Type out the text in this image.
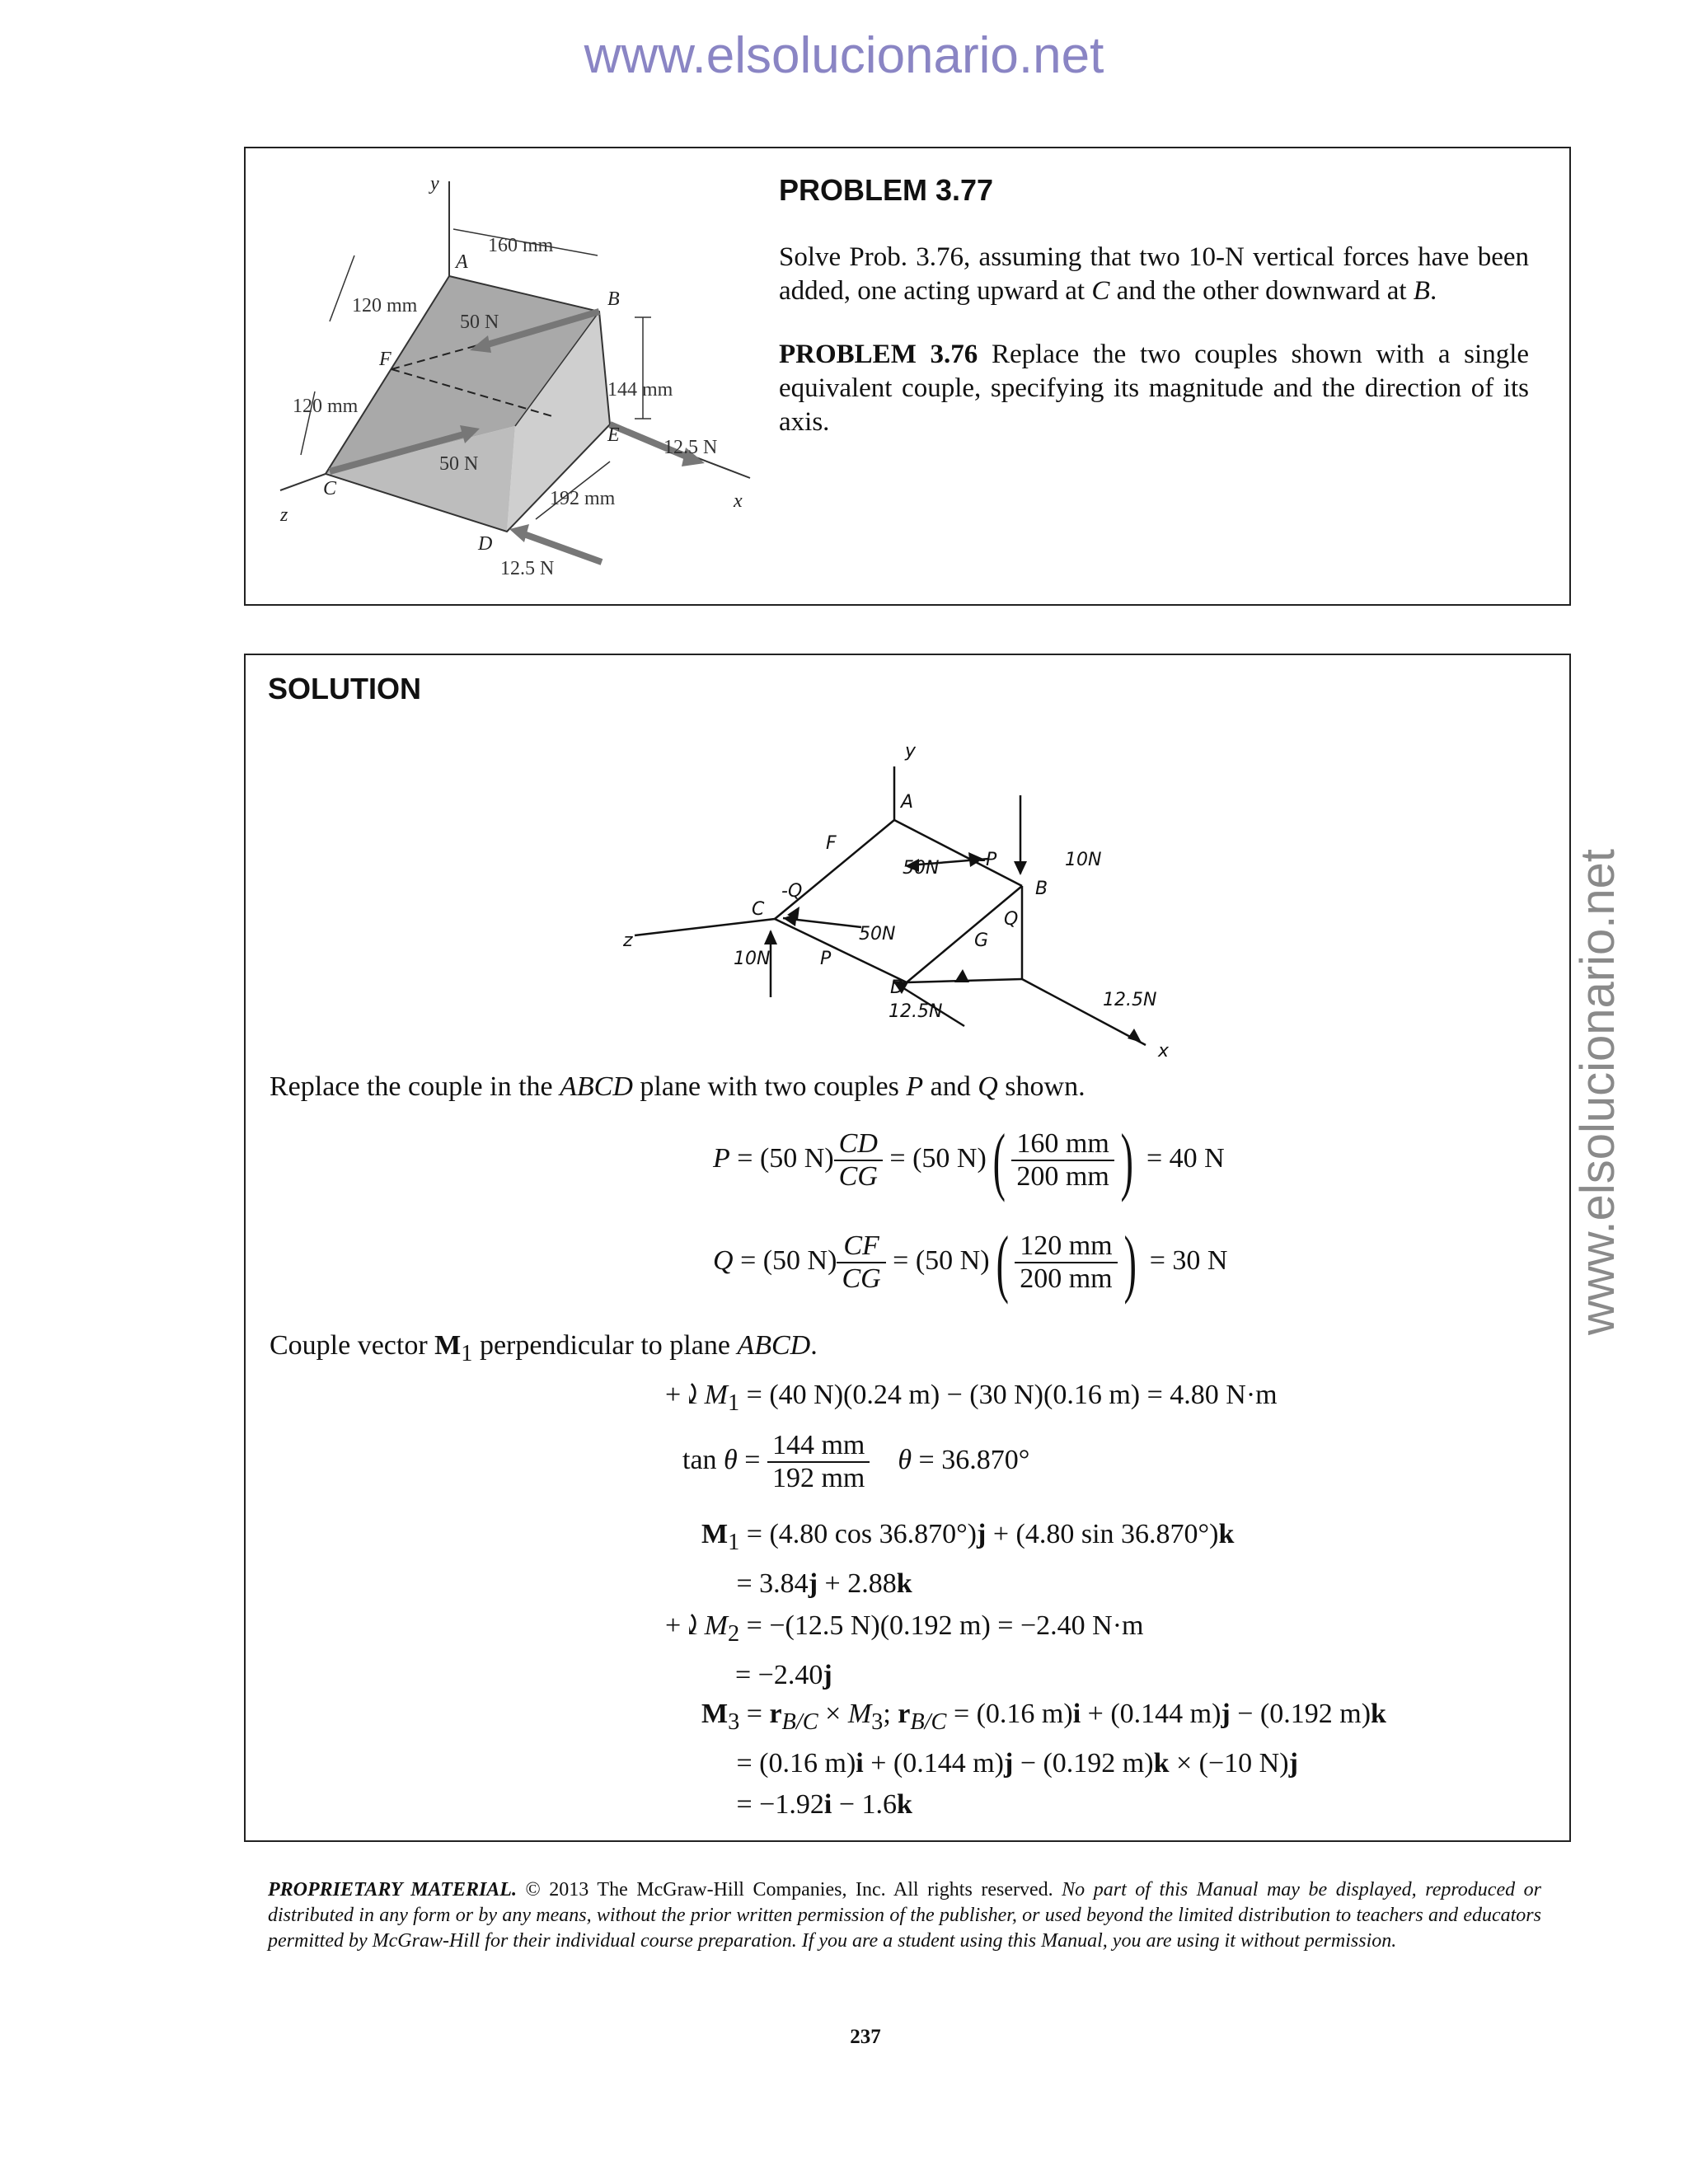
www.elsolucionario.net
www.elsolucionario.net
y
x
z
A
B
C
D
E
F
160 mm
120 mm
120 mm
144 mm
192 mm
50 N
50 N
12.5 N
12.5 N
PROBLEM 3.77
Solve Prob. 3.76, assuming that two 10-N vertical forces have been added, one acting upward at C and the other downward at B.
PROBLEM 3.76 Replace the two couples shown with a single equivalent couple, specifying its magnitude and the direction of its axis.
SOLUTION
y
z
x
A
B
C
D
F
G
50N
50N
10N
10N
12.5N
12.5N
-P
-Q
P
Q
Replace the couple in the ABCD plane with two couples P and Q shown.
P = (50 $N) \frac{CD}{CG} = (50$ $N)( \frac{160 mm}{200 mm}$ ) = 40 N
Q = (50 $N) \frac{CF}{CG} = (50$ $N)( \frac{120 mm}{200 mm}$ ) = 30 N
Couple vector $M_1$ perpendicular to plane ABCD.
$+⤸M_1 = (40$ N)(0.24 m) − (30 N)(0.16 m) = 4.80 N·m
$\tan \theta = \frac{144 mm}{192 mm}$ θ = 36.870°
$M_1 = (4.80$ cos 36.870°)j + (4.80 sin 36.870°)k
= 3.84j + 2.88k
$+⤸M_2 = -(12.5$ N)(0.192 m) = −2.40 N·m
= −2.40j
$M_3 = r_{B/C} \times M_3$; $r_{B/C} = (0.16$ m)i + (0.144 m)j − (0.192 m)k
= (0.16 m)i + (0.144 m)j − (0.192 m)k × (−10 N)j
= −1.92i − 1.6k
PROPRIETARY MATERIAL. © 2013 The McGraw-Hill Companies, Inc. All rights reserved. No part of this Manual may be displayed, reproduced or distributed in any form or by any means, without the prior written permission of the publisher, or used beyond the limited distribution to teachers and educators permitted by McGraw-Hill for their individual course preparation. If you are a student using this Manual, you are using it without permission.
237
